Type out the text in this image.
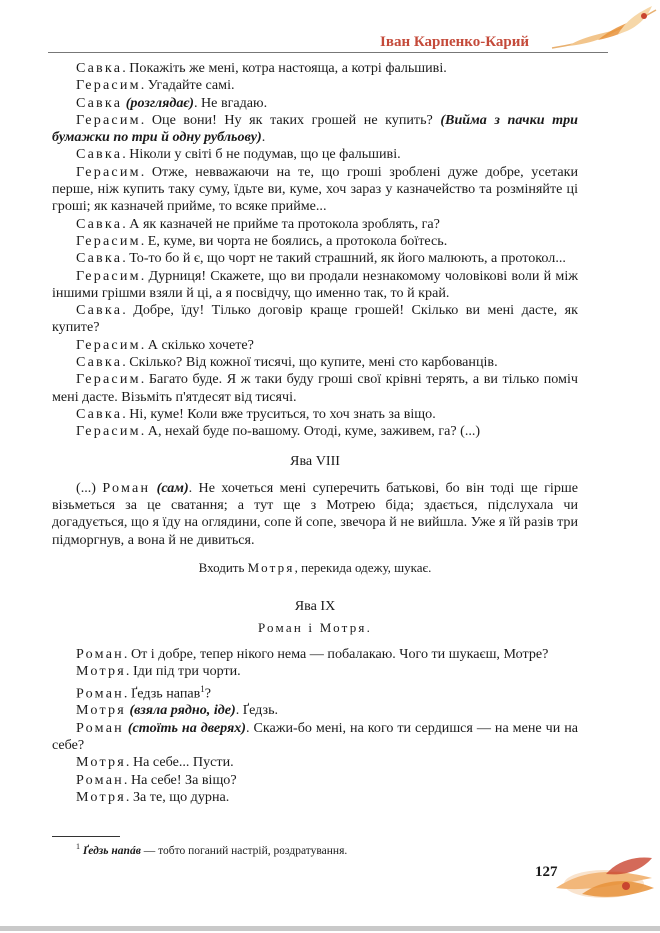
Іван Карпенко-Карий

Савка. Покажіть же мені, котра настояща, а котрі фальшиві.

Герасим. Угадайте самі.

Савка (розглядає). Не вгадаю.

Герасим. Оце вони! Ну як таких грошей не купить? (Вийма з пачки три бумажки по три й одну рубльову).

Савка. Ніколи у світі б не подумав, що це фальшиві.

Герасим. Отже, невважаючи на те, що гроші зроблені дуже добре, усетаки перше, ніж купить таку суму, їдьте ви, куме, хоч зараз у казначейство та розміняйте ці гроші; як казначей прийме, то всяке прийме...

Савка. А як казначей не прийме та протокола зроблять, га?

Герасим. Е, куме, ви чорта не боялись, а протокола боїтесь.

Савка. То-то бо й є, що чорт не такий страшний, як його малюють, а протокол...

Герасим. Дурниця! Скажете, що ви продали незнакомому чоловікові воли й між іншими грішми взяли й ці, а я посвідчу, що именно так, то й край.

Савка. Добре, їду! Тілько договір краще грошей! Скілько ви мені дасте, як купите?

Герасим. А скілько хочете?

Савка. Скілько? Від кожної тисячі, що купите, мені сто карбованців.

Герасим. Багато буде. Я ж таки буду гроші свої крівні терять, а ви тілько поміч мені дасте. Візьміть п'ятдесят від тисячі.

Савка. Ні, куме! Коли вже труситься, то хоч знать за віщо.

Герасим. А, нехай буде по-вашому. Отоді, куме, заживем, га? (...)

Ява VIII

(...) Роман (сам). Не хочеться мені суперечить батькові, бо він тоді ще гірше візьметься за це сватання; а тут ще з Мотрею біда; здається, підслухала чи догадується, що я їду на оглядини, сопе й сопе, звечора й не вийшла. Уже я їй разів три підморгнув, а вона й не дивиться.

Входить Мотря, перекида одежу, шукає.

Ява IX

Роман і Мотря.

Роман. От і добре, тепер нікого нема — побалакаю. Чого ти шукаєш, Мотре?

Мотря. Іди під три чорти.

Роман. Ґедзь напав$^1$?

Мотря (взяла рядно, іде). Ґедзь.

Роман (стоїть на дверях). Скажи-бо мені, на кого ти сердишся — на мене чи на себе?

Мотря. На себе... Пусти.

Роман. На себе! За віщо?

Мотря. За те, що дурна.

$^1$ Ґедзь напáв — тобто поганий настрій, роздратування.
127
